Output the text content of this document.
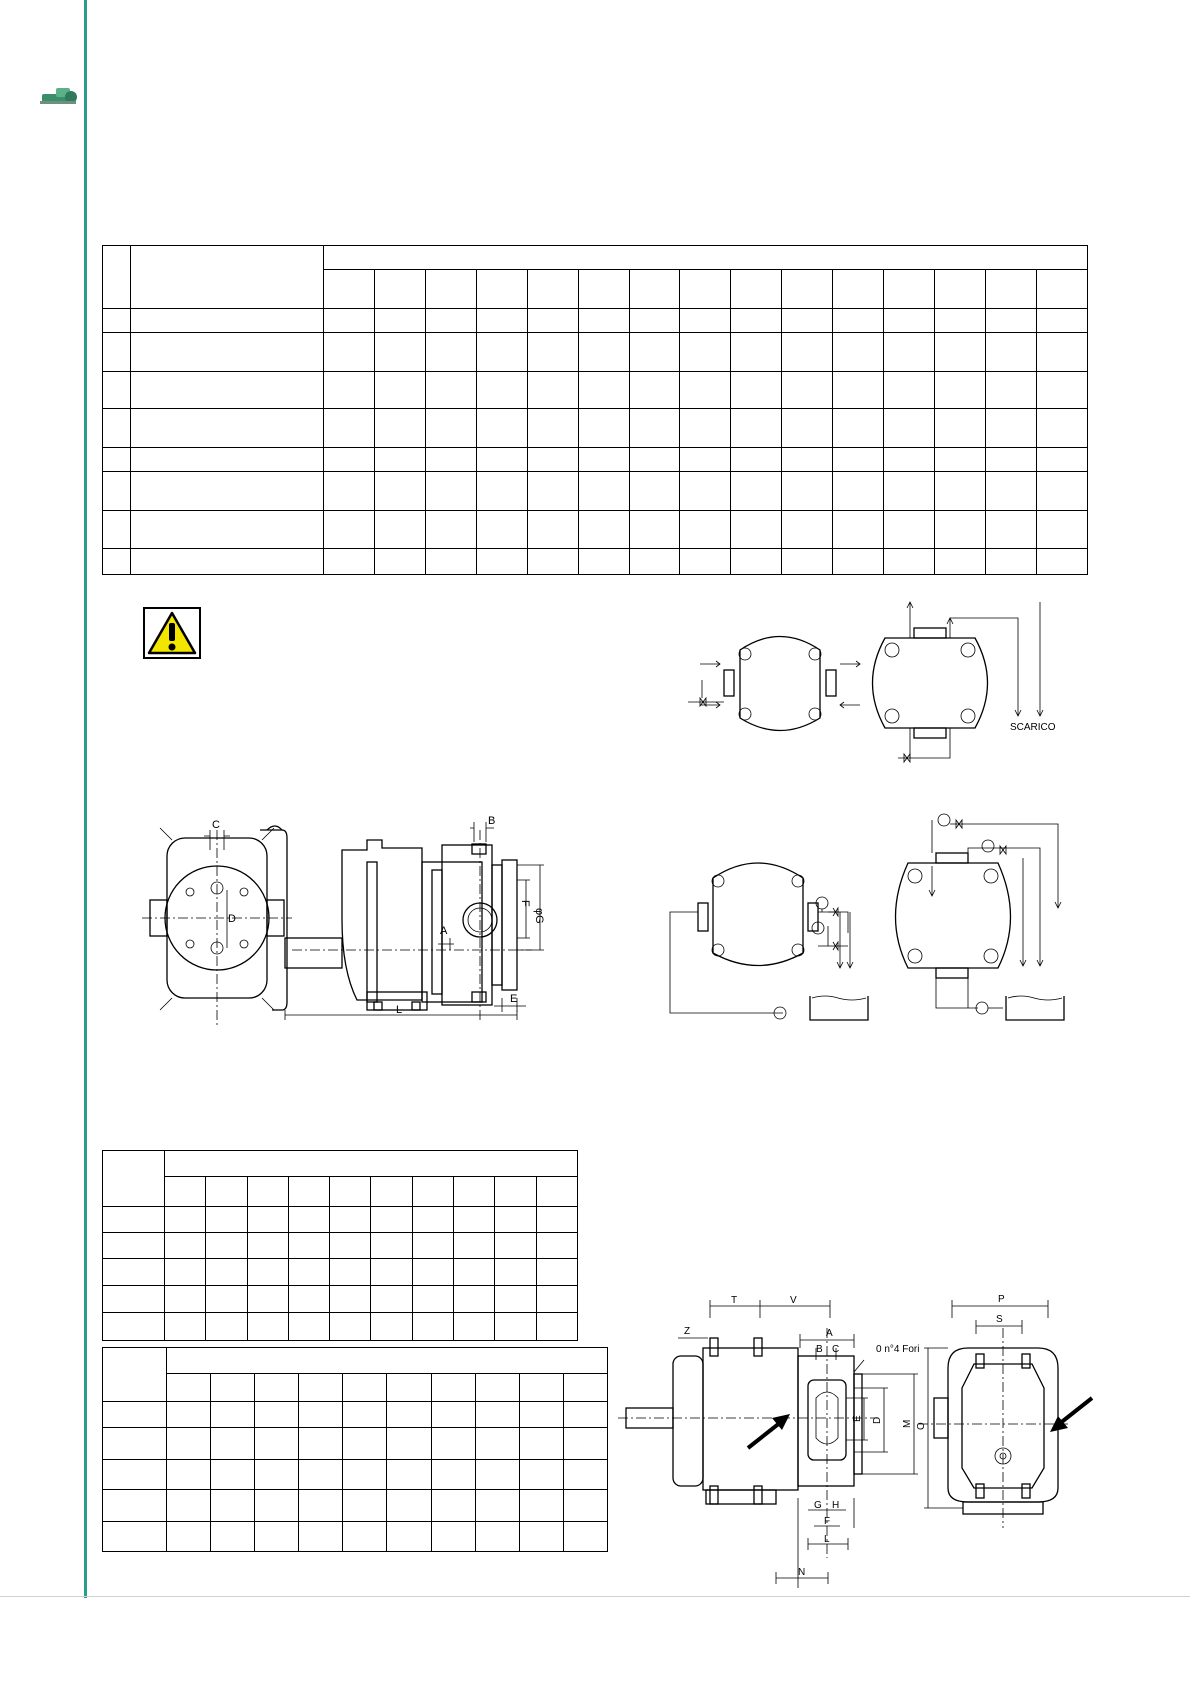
SCARICO
C
D
B
φG
F
A
E
L

T	V
Z	A
B C	0 n°4 Fori
M
D
E
G H
F
L
N
P
S
O
